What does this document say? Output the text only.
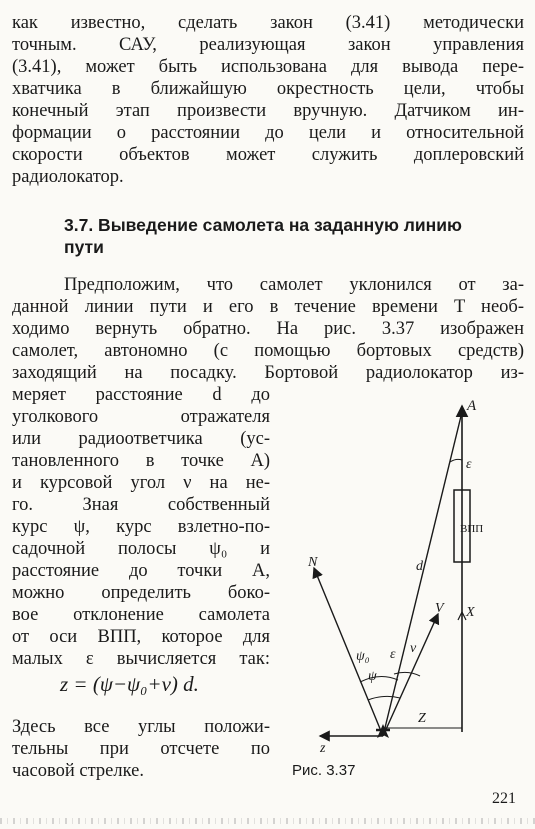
как известно, сделать закон (3.41) методически
точным. САУ, реализующая закон управления
(3.41), может быть использована для вывода пере-
хватчика в ближайшую окрестность цели, чтобы
конечный этап произвести вручную. Датчиком ин-
формации о расстоянии до цели и относительной
скорости объектов может служить доплеровский
радиолокатор.
3.7. Выведение самолета на заданную линию
пути
Предположим, что самолет уклонился от за-
данной линии пути и его в течение времени T необ-
ходимо вернуть обратно. На рис. 3.37 изображен
самолет, автономно (с помощью бортовых средств)
заходящий на посадку. Бортовой радиолокатор из-
меряет расстояние d до
уголкового отражателя
или радиоответчика (ус-
тановленного в точке A)
и курсовой угол ν на не-
го. Зная собственный
курс ψ, курс взлетно-по-
садочной полосы ψ₀ и
расстояние до точки A,
можно определить боко-
вое отклонение самолета
от оси ВПП, которое для
малых ε вычисляется так:
z = (ψ−ψ₀+ν) d.
Здесь все углы положи-
тельны при отсчете по
часовой стрелке.
A
ε
ВПП
N	d
V X
ψ₀ ε ν
ψ
Z
z
Рис. 3.37
221
